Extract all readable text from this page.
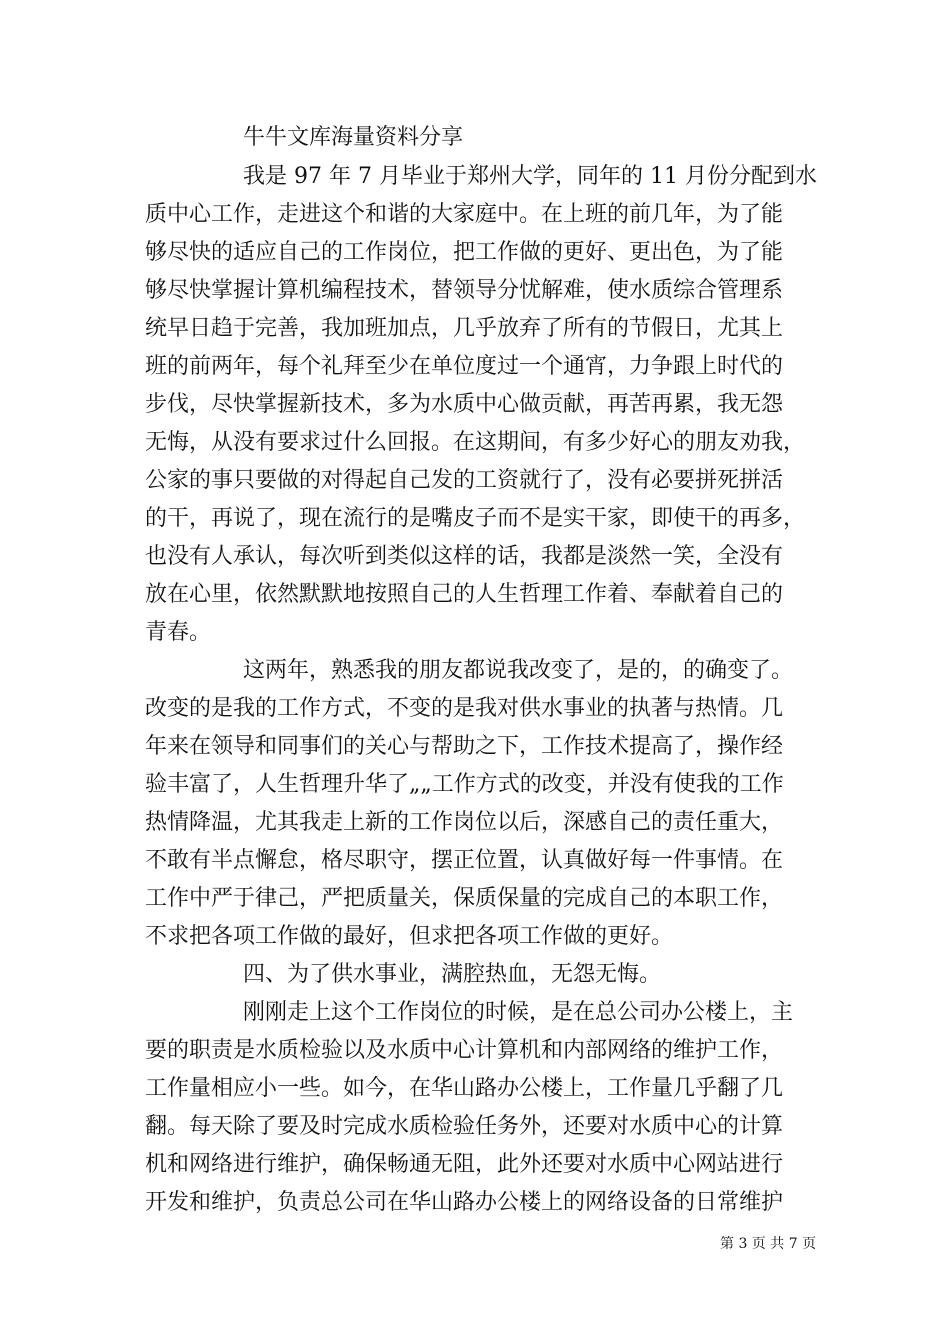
牛牛文库海量资料分享
我是 97 年 7 月毕业于郑州大学，同年的 11 月份分配到水
质中心工作，走进这个和谐的大家庭中。在上班的前几年，为了能
够尽快的适应自己的工作岗位，把工作做的更好、更出色，为了能
够尽快掌握计算机编程技术，替领导分忧解难，使水质综合管理系
统早日趋于完善，我加班加点，几乎放弃了所有的节假日，尤其上
班的前两年，每个礼拜至少在单位度过一个通宵，力争跟上时代的
步伐，尽快掌握新技术，多为水质中心做贡献，再苦再累，我无怨
无悔，从没有要求过什么回报。在这期间，有多少好心的朋友劝我，
公家的事只要做的对得起自己发的工资就行了，没有必要拼死拼活
的干，再说了，现在流行的是嘴皮子而不是实干家，即使干的再多，
也没有人承认，每次听到类似这样的话，我都是淡然一笑，全没有
放在心里，依然默默地按照自己的人生哲理工作着、奉献着自己的
青春。
这两年，熟悉我的朋友都说我改变了，是的，的确变了。
改变的是我的工作方式，不变的是我对供水事业的执著与热情。几
年来在领导和同事们的关心与帮助之下，工作技术提高了，操作经
验丰富了，人生哲理升华了„„工作方式的改变，并没有使我的工作
热情降温，尤其我走上新的工作岗位以后，深感自己的责任重大，
不敢有半点懈怠，格尽职守，摆正位置，认真做好每一件事情。在
工作中严于律己，严把质量关，保质保量的完成自己的本职工作，
不求把各项工作做的最好，但求把各项工作做的更好。
四、为了供水事业，满腔热血，无怨无悔。
刚刚走上这个工作岗位的时候，是在总公司办公楼上，主
要的职责是水质检验以及水质中心计算机和内部网络的维护工作，
工作量相应小一些。如今，在华山路办公楼上，工作量几乎翻了几
翻。每天除了要及时完成水质检验任务外，还要对水质中心的计算
机和网络进行维护，确保畅通无阻，此外还要对水质中心网站进行
开发和维护，负责总公司在华山路办公楼上的网络设备的日常维护
第 3 页 共 7 页
